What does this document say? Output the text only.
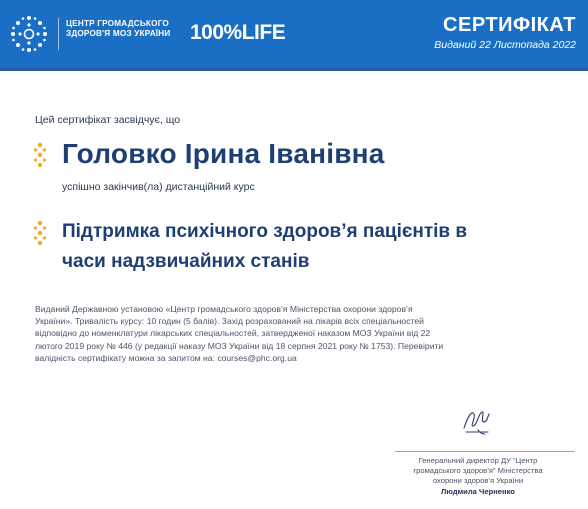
ЦЕНТР ГРОМАДСЬКОГО
ЗДОРОВ'Я МОЗ УКРАЇНИ 100%LIFE	СЕРТИФІКАТ
Виданий 22 Листопада 2022
Цей сертифікат засвідчує, що
Головко Ірина Іванівна
успішно закінчив(ла) дистанційний курс
Підтримка психічного здоров’я пацієнтів в
часи надзвичайних станів
Виданий Державною установою «Центр громадського здоров’я Міністерства охорони здоров’я
України». Тривалість курсу: 10 годин (5 балів). Захід розрахований на лікарів всіх спеціальностей
відповідно до номенклатури лікарських спеціальностей, затвердженої наказом МОЗ України від 22
лютого 2019 року № 446 (у редакції наказу МОЗ України від 18 серпня 2021 року № 1753). Перевірити
валідність сертифікату можна за запитом на: courses@phc.org.ua
Генеральний директор ДУ “Центр
громадського здоров’я” Міністерства
охорони здоров’я України
Людмила Черненко
